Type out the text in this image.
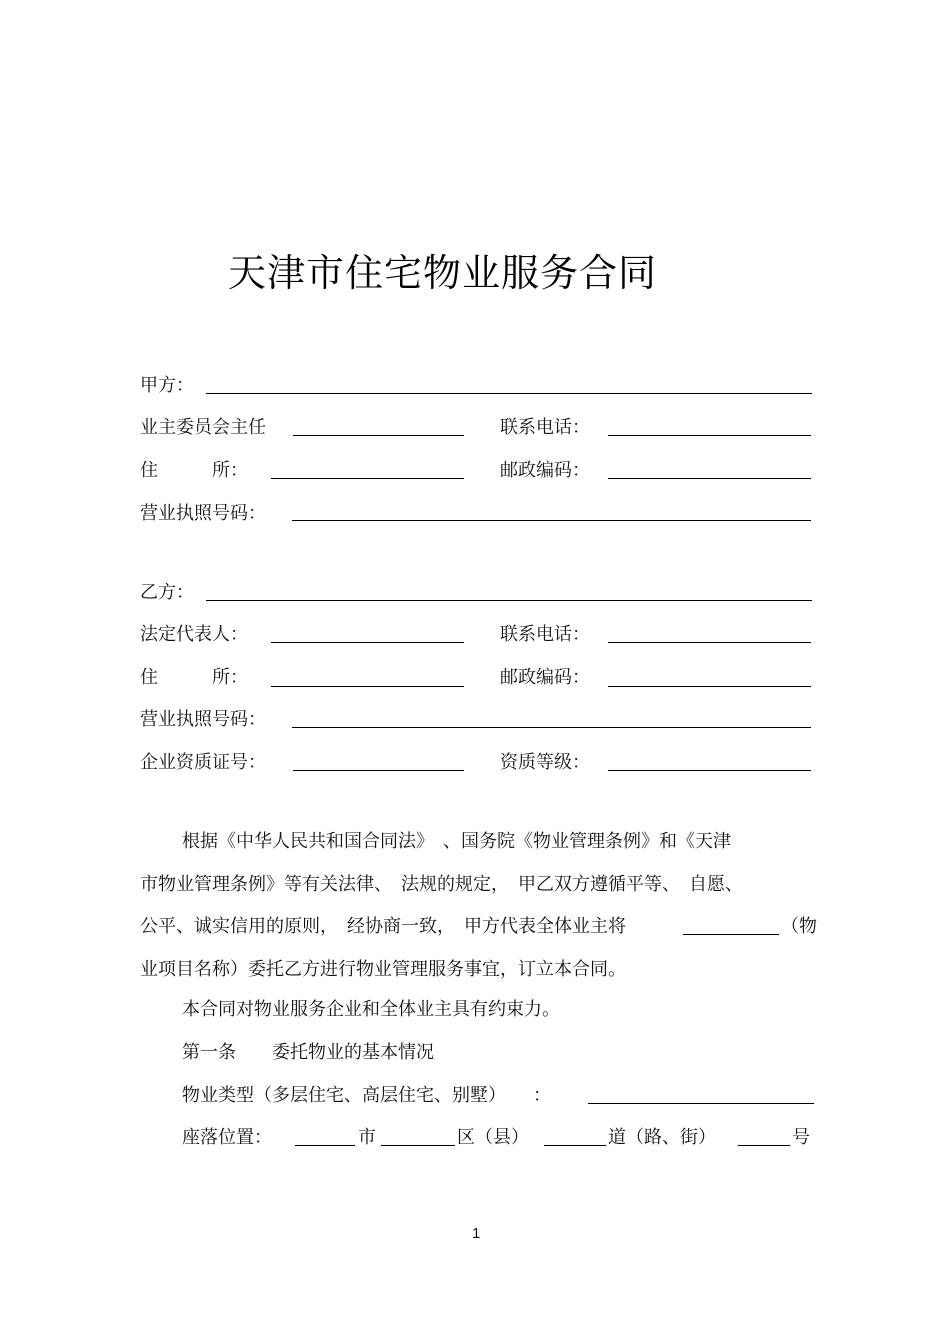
天津市住宅物业服务合同
甲方：
业主委员会主任	联系电话：
住　　　所：	邮政编码：
营业执照号码：
乙方：
法定代表人：	联系电话：
住　　　所：	邮政编码：
营业执照号码：
企业资质证号：	资质等级：
根据《中华人民共和国合同法》　、国务院《物业管理条例》和《天津
市物业管理条例》等有关法律、　法规的规定，　甲乙双方遵循平等、　自愿、
公平、诚实信用的原则，　经协商一致，　甲方代表全体业主将	（物
业项目名称）委托乙方进行物业管理服务事宜，订立本合同。
本合同对物业服务企业和全体业主具有约束力。
第一条　　委托物业的基本情况
物业类型（多层住宅、高层住宅、别墅）　　：
座落位置：	市	区（县）	道（路、街）	号
1
